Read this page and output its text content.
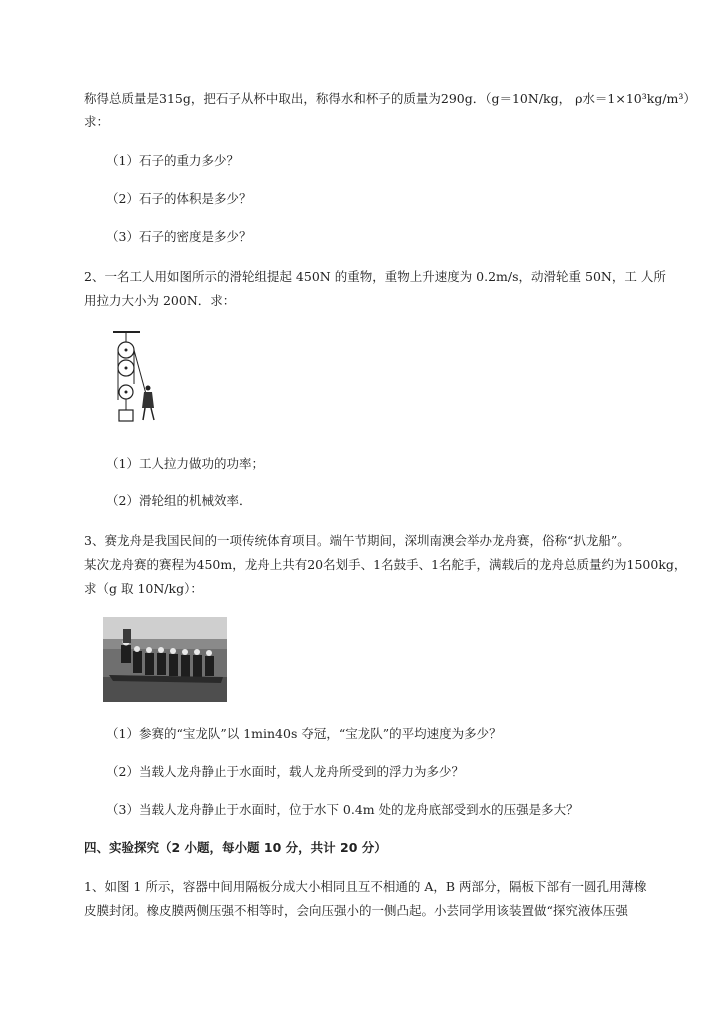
称得总质量是315g，把石子从杯中取出，称得水和杯子的质量为290g．（g＝10N/kg， ρ水＝1×10³kg/m³）
求：
（1）石子的重力多少？
（2）石子的体积是多少？
（3）石子的密度是多少？
2、一名工人用如图所示的滑轮组提起 450N 的重物，重物上升速度为 0.2m/s，动滑轮重 50N，工 人所
用拉力大小为 200N．求：
（1）工人拉力做功的功率；
（2）滑轮组的机械效率．
3、赛龙舟是我国民间的一项传统体育项目。端午节期间，深圳南澳会举办龙舟赛，俗称“扒龙船”。
某次龙舟赛的赛程为450m，龙舟上共有20名划手、1名鼓手、1名舵手，满载后的龙舟总质量约为1500kg，
求（g 取 10N/kg）：
（1）参赛的“宝龙队”以 1min40s 夺冠，“宝龙队”的平均速度为多少？
（2）当载人龙舟静止于水面时，载人龙舟所受到的浮力为多少？
（3）当载人龙舟静止于水面时，位于水下 0.4m 处的龙舟底部受到水的压强是多大？
四、实验探究（2 小题，每小题 10 分，共计 20 分）
1、如图 1 所示，容器中间用隔板分成大小相同且互不相通的 A，B 两部分，隔板下部有一圆孔用薄橡
皮膜封闭。橡皮膜两侧压强不相等时，会向压强小的一侧凸起。小芸同学用该装置做“探究液体压强
